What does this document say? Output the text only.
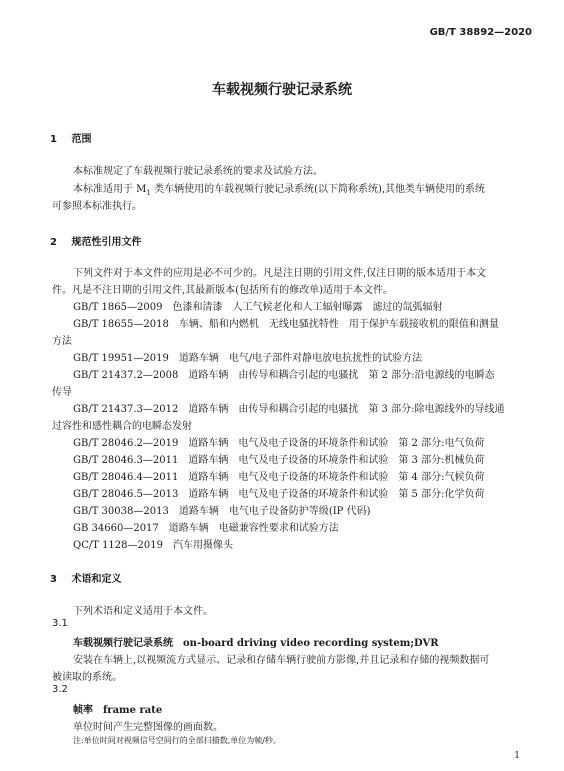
GB/T 38892—2020
车载视频行驶记录系统
1 范围
本标准规定了车载视频行驶记录系统的要求及试验方法。
本标准适用于 $M_1$ 类车辆使用的车载视频行驶记录系统(以下简称系统),其他类车辆使用的系统
可参照本标准执行。
2 规范性引用文件
下列文件对于本文件的应用是必不可少的。凡是注日期的引用文件,仅注日期的版本适用于本文
件。凡是不注日期的引用文件,其最新版本(包括所有的修改单)适用于本文件。
GB/T 1865—2009　色漆和清漆　人工气候老化和人工辐射曝露　滤过的氙弧辐射
GB/T 18655—2018　车辆、船和内燃机　无线电骚扰特性　用于保护车载接收机的限值和测量
方法
GB/T 19951—2019　道路车辆　电气/电子部件对静电放电抗扰性的试验方法
GB/T 21437.2—2008　道路车辆　由传导和耦合引起的电骚扰　第 2 部分:沿电源线的电瞬态
传导
GB/T 21437.3—2012　道路车辆　由传导和耦合引起的电骚扰　第 3 部分:除电源线外的导线通
过容性和感性耦合的电瞬态发射
GB/T 28046.2—2019　道路车辆　电气及电子设备的环境条件和试验　第 2 部分:电气负荷
GB/T 28046.3—2011　道路车辆　电气及电子设备的环境条件和试验　第 3 部分:机械负荷
GB/T 28046.4—2011　道路车辆　电气及电子设备的环境条件和试验　第 4 部分:气候负荷
GB/T 28046.5—2013　道路车辆　电气及电子设备的环境条件和试验　第 5 部分:化学负荷
GB/T 30038—2013　道路车辆　电气电子设备防护等级(IP 代码)
GB 34660—2017　道路车辆　电磁兼容性要求和试验方法
QC/T 1128—2019　汽车用摄像头
3 术语和定义
下列术语和定义适用于本文件。
3.1
车载视频行驶记录系统　on-board driving video recording system;DVR
安装在车辆上,以视频流方式显示、记录和存储车辆行驶前方影像,并且记录和存储的视频数据可
被读取的系统。
3.2
帧率　frame rate
单位时间产生完整图像的画面数。
注:单位时间对视频信号空间行的全部扫描数,单位为帧/秒。
1
